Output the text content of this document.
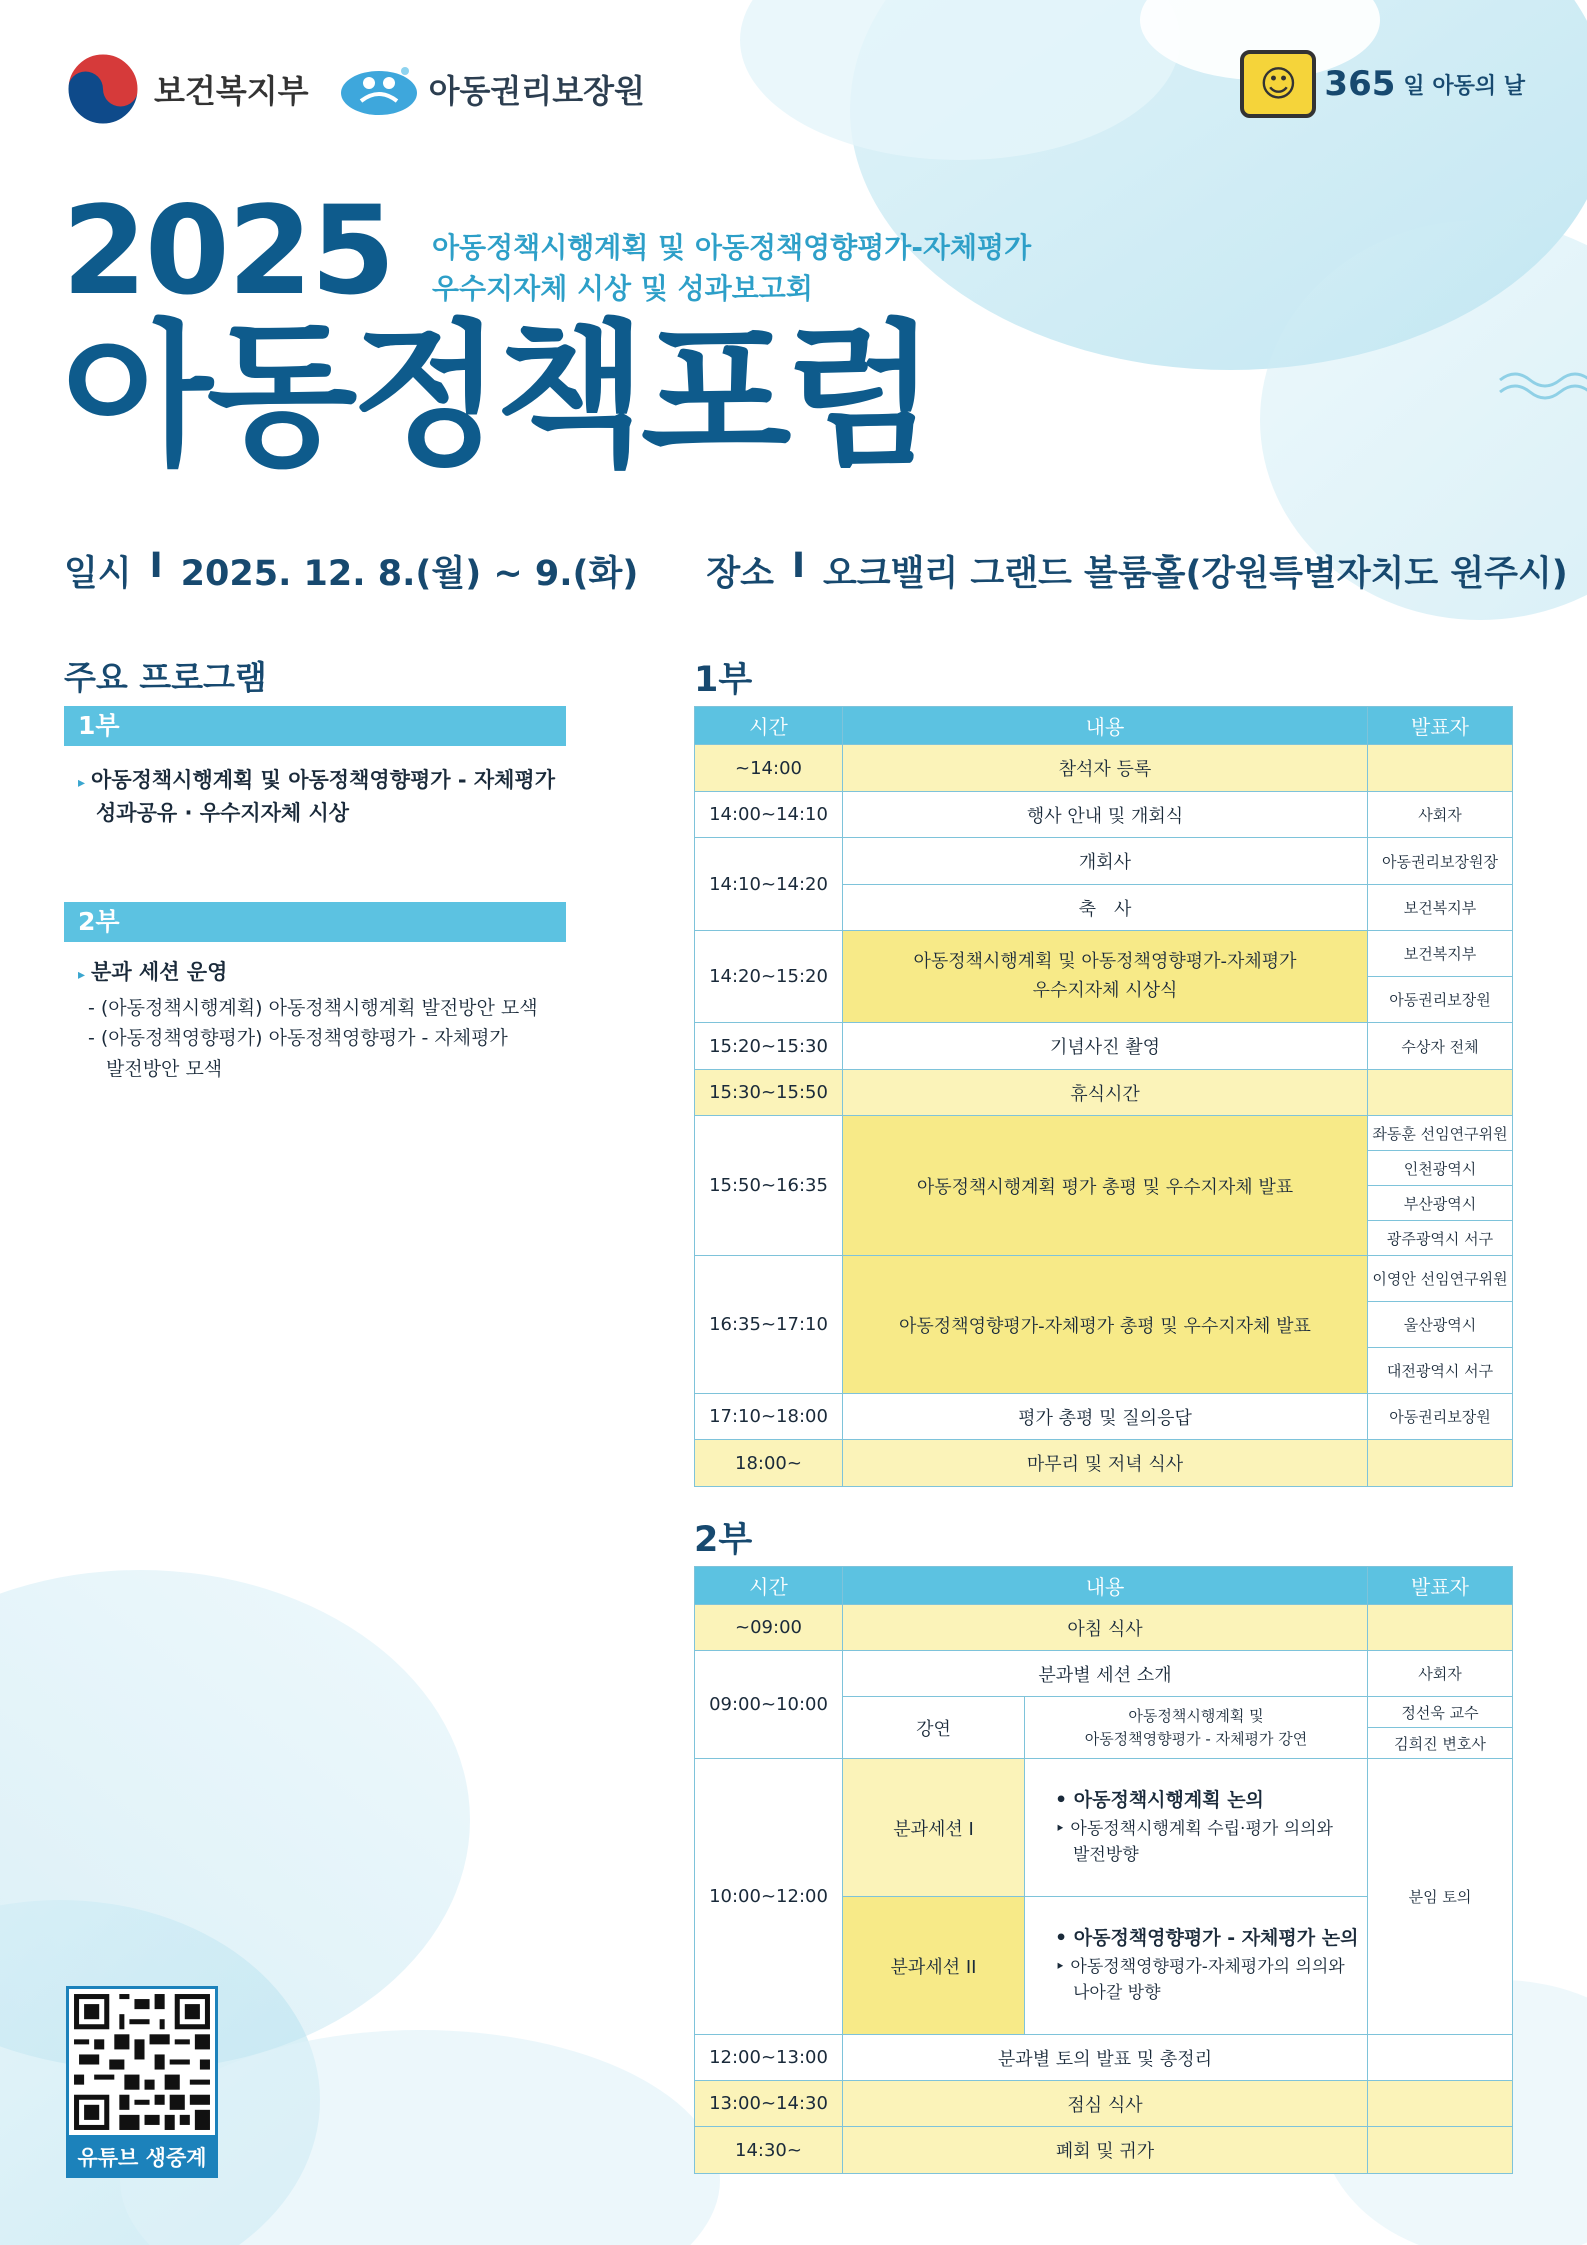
보건복지부	아동권리보장원	☺ 365 일 아동의 날
2025 아동정책시행계획 및 아동정책영향평가-자체평가
우수지자체 시상 및 성과보고회
아동정책포럼
일시 I 2025. 12. 8.(월) ~ 9.(화) 장소 I 오크밸리 그랜드 볼룸홀(강원특별자치도 원주시)
주요 프로그램
1부
▸ 아동정책시행계획 및 아동정책영향평가 - 자체평가
성과공유 · 우수지자체 시상
2부
▸ 분과 세션 운영
- (아동정책시행계획) 아동정책시행계획 발전방안 모색
- (아동정책영향평가) 아동정책영향평가 - 자체평가
발전방안 모색
유튜브 생중계
1부
시간	내용	발표자
~14:00	참석자 등록	
14:00~14:10	행사 안내 및 개회식	사회자
14:10~14:20	개회사	아동권리보장원장
	축　사	보건복지부
14:20~15:20	아동정책시행계획 및 아동정책영향평가-자체평가
우수지자체 시상식	보건복지부
		아동권리보장원
15:20~15:30	기념사진 촬영	수상자 전체
15:30~15:50	휴식시간	
15:50~16:35	아동정책시행계획 평가 총평 및 우수지자체 발표	좌동훈 선임연구위원
		인천광역시
		부산광역시
		광주광역시 서구
16:35~17:10	아동정책영향평가-자체평가 총평 및 우수지자체 발표	이영안 선임연구위원
		울산광역시
		대전광역시 서구
17:10~18:00	평가 총평 및 질의응답	아동권리보장원
18:00~	마무리 및 저녁 식사	
2부
시간	내용		발표자
~09:00	아침 식사		
09:00~10:00	분과별 세션 소개		사회자
	강연	아동정책시행계획 및
아동정책영향평가 - 자체평가 강연	정선욱 교수
			김희진 변호사
10:00~12:00	분과세션 I	• 아동정책시행계획 논의
‣ 아동정책시행계획 수립·평가 의의와
발전방향	분임 토의
	분과세션 II	• 아동정책영향평가 - 자체평가 논의
‣ 아동정책영향평가-자체평가의 의의와
나아갈 방향	

12:00~13:00	분과별 토의 발표 및 총정리		
13:00~14:30	점심 식사		
14:30~	폐회 및 귀가		
